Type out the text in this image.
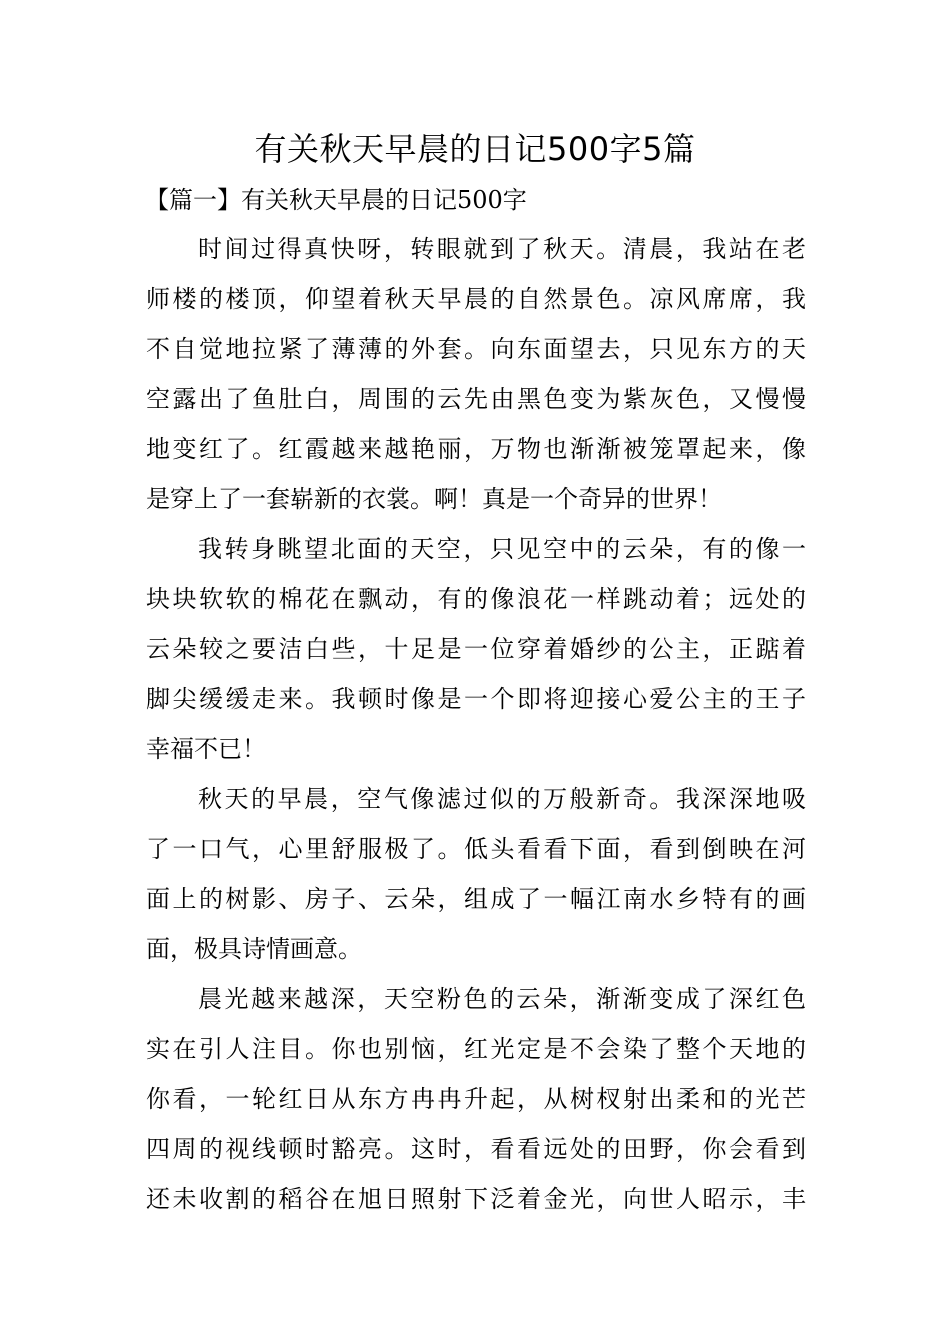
有关秋天早晨的日记500字5篇
【篇一】有关秋天早晨的日记500字
时间过得真快呀，转眼就到了秋天。清晨，我站在老
师楼的楼顶，仰望着秋天早晨的自然景色。凉风席席，我
不自觉地拉紧了薄薄的外套。向东面望去，只见东方的天
空露出了鱼肚白，周围的云先由黑色变为紫灰色，又慢慢
地变红了。红霞越来越艳丽，万物也渐渐被笼罩起来，像
是穿上了一套崭新的衣裳。啊！真是一个奇异的世界！
我转身眺望北面的天空，只见空中的云朵，有的像一
块块软软的棉花在飘动，有的像浪花一样跳动着；远处的
云朵较之要洁白些，十足是一位穿着婚纱的公主，正踮着
脚尖缓缓走来。我顿时像是一个即将迎接心爱公主的王子
幸福不已！
秋天的早晨，空气像滤过似的万般新奇。我深深地吸
了一口气，心里舒服极了。低头看看下面，看到倒映在河
面上的树影、房子、云朵，组成了一幅江南水乡特有的画
面，极具诗情画意。
晨光越来越深，天空粉色的云朵，渐渐变成了深红色
实在引人注目。你也别恼，红光定是不会染了整个天地的
你看，一轮红日从东方冉冉升起，从树杈射出柔和的光芒
四周的视线顿时豁亮。这时，看看远处的田野，你会看到
还未收割的稻谷在旭日照射下泛着金光，向世人昭示，丰
